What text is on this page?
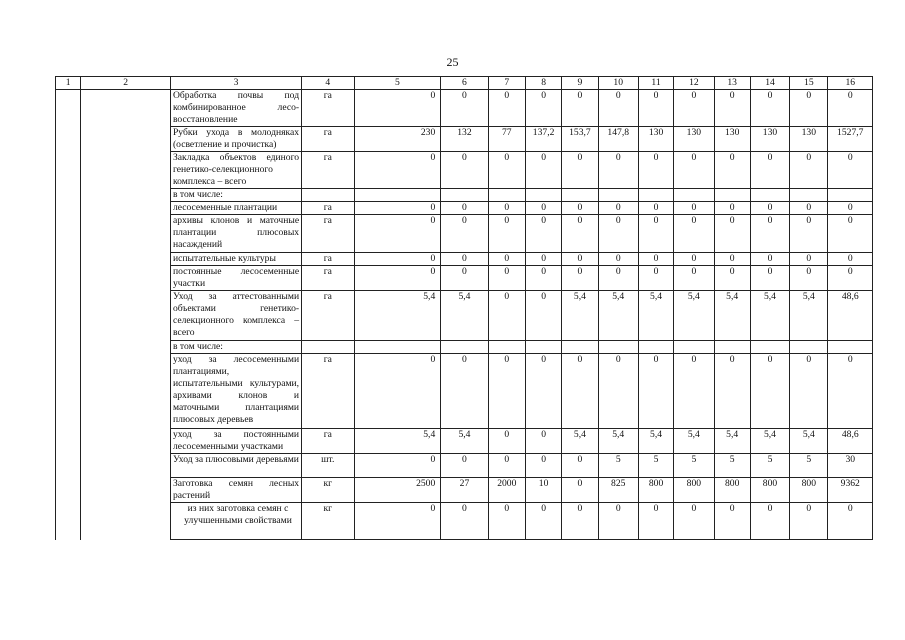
25
1	2	3	4	5	6	7	8	9	10	11	12	13	14	15	16
		Обработка почвы под комбинированное лесо-восстановление	га	0	0	0	0	0	0	0	0	0	0	0	0
		Рубки ухода в молодняках (осветление и прочистка)	га	230	132	77	137,2	153,7	147,8	130	130	130	130	130	1527,7
		Закладка объектов единого генетико-селекционного комплекса – всего	га	0	0	0	0	0	0	0	0	0	0	0	0
		в том числе:													
		лесосеменные плантации	га	0	0	0	0	0	0	0	0	0	0	0	0
		архивы клонов и маточные плантации плюсовых насаждений	га	0	0	0	0	0	0	0	0	0	0	0	0
		испытательные культуры	га	0	0	0	0	0	0	0	0	0	0	0	0
		постоянные лесосеменные участки	га	0	0	0	0	0	0	0	0	0	0	0	0
		Уход за аттестованными объектами генетико-селекционного комплекса – всего	га	5,4	5,4	0	0	5,4	5,4	5,4	5,4	5,4	5,4	5,4	48,6
		в том числе:													
		уход за лесосеменными плантациями, испытательными культурами, архивами клонов и маточными плантациями плюсовых деревьев	га	0	0	0	0	0	0	0	0	0	0	0	0
		уход за постоянными лесосеменными участками	га	5,4	5,4	0	0	5,4	5,4	5,4	5,4	5,4	5,4	5,4	48,6
		Уход за плюсовыми деревьями	шт.	0	0	0	0	0	5	5	5	5	5	5	30
		Заготовка семян лесных растений	кг	2500	27	2000	10	0	825	800	800	800	800	800	9362
		из них заготовка семян с улучшенными свойствами	кг	0	0	0	0	0	0	0	0	0	0	0	0
